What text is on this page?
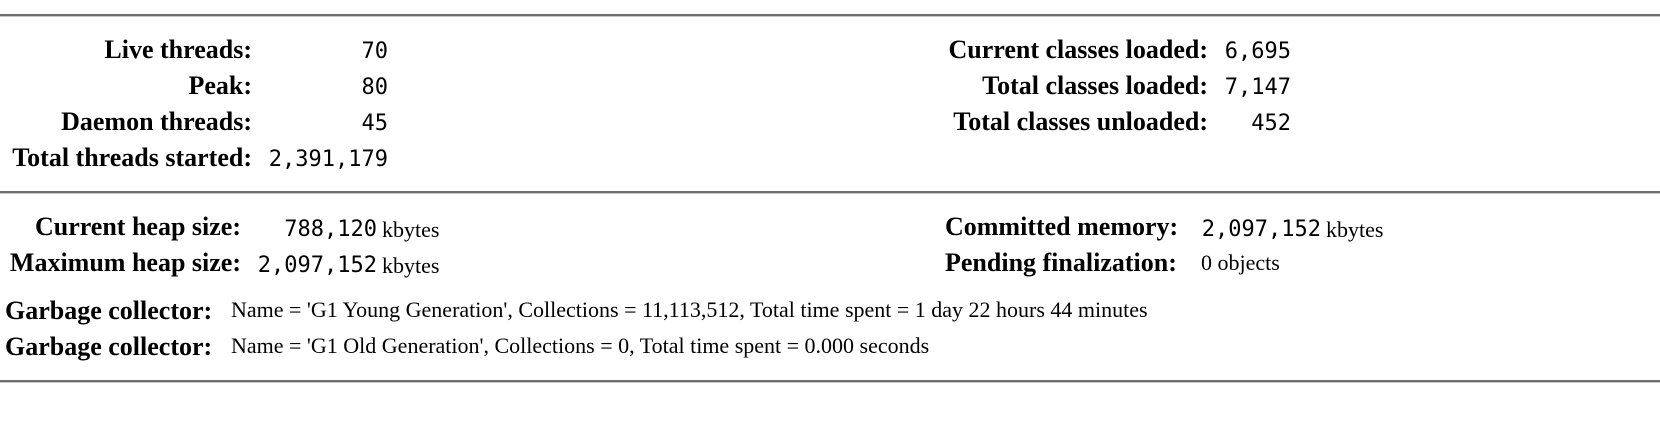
Live threads:	70
Peak:	80
Daemon threads:	45
Total threads started: 2,391,179
Current classes loaded: 6,695
Total classes loaded: 7,147
Total classes unloaded:	452
Current heap size:	788,120 kbytes
Maximum heap size: 2,097,152 kbytes
Committed memory: 2,097,152 kbytes
Pending finalization: 0 objects
Garbage collector: Name = 'G1 Young Generation', Collections = 11,113,512, Total time spent = 1 day 22 hours 44 minutes
Garbage collector: Name = 'G1 Old Generation', Collections = 0, Total time spent = 0.000 seconds
